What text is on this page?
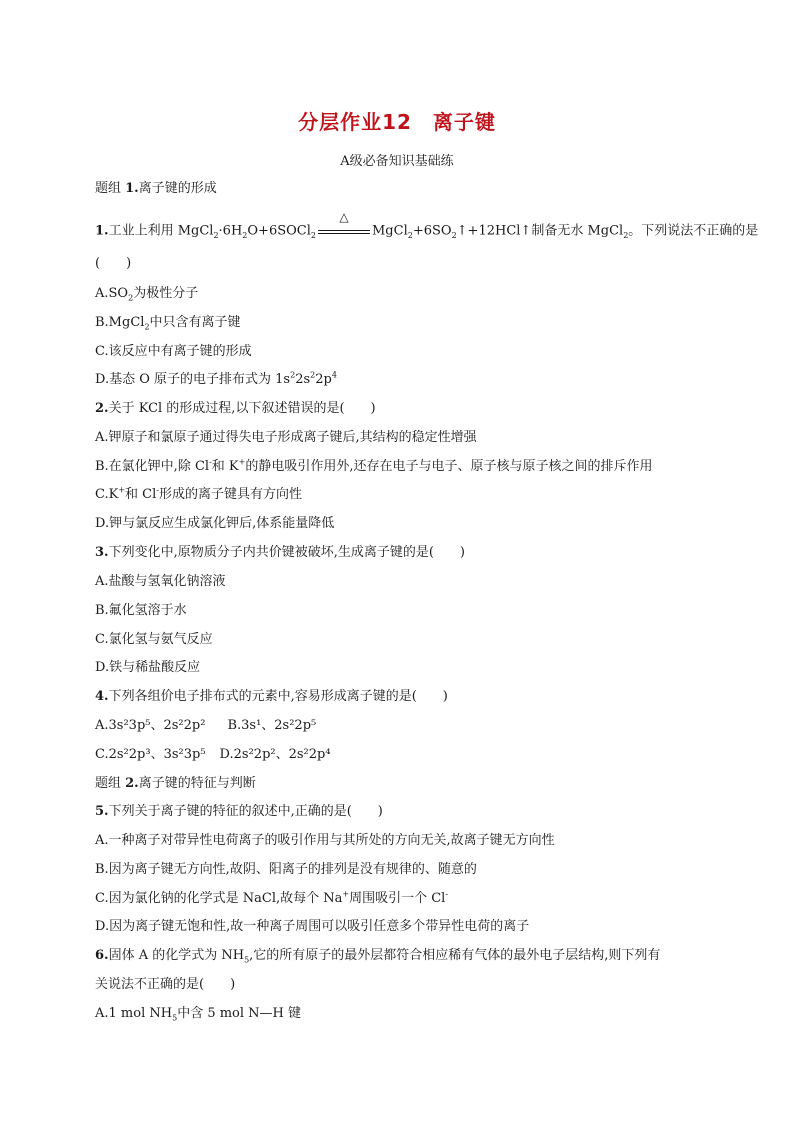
分层作业12　离子键
A级必备知识基础练
题组 1.离子键的形成
1.工业上利用 $MgCl_2\cdot 6H_2O+6SOCl_2$
△
$MgCl_2+6SO_2↑+12HCl↑$制备无水 MgCl$_2$。下列说法不正确的是
(　　)
$A.SO_2$为极性分子
B.MgCl$_2$中只含有离子键
C.该反应中有离子键的形成
D.基态 O 原子的电子排布式为 $1s^22s^22p^4$
2.关于 KCl 的形成过程,以下叙述错误的是(　　)
A.钾原子和氯原子通过得失电子形成离子键后,其结构的稳定性增强
B.在氯化钾中,除 Cl-和 K+的静电吸引作用外,还存在电子与电子、原子核与原子核之间的排斥作用
C.K+和 Cl-形成的离子键具有方向性
D.钾与氯反应生成氯化钾后,体系能量降低
3.下列变化中,原物质分子内共价键被破坏,生成离子键的是(　　)
A.盐酸与氢氧化钠溶液
B.氟化氢溶于水
C.氯化氢与氨气反应
D.铁与稀盐酸反应
4.下列各组价电子排布式的元素中,容易形成离子键的是(　　)
A.3s²3p⁵、2s²2p² B.3s¹、2s²2p⁵
C.2s²2p³、3s²3p⁵ D.2s²2p²、2s²2p⁴
题组 2.离子键的特征与判断
5.下列关于离子键的特征的叙述中,正确的是(　　)
A.一种离子对带异性电荷离子的吸引作用与其所处的方向无关,故离子键无方向性
B.因为离子键无方向性,故阴、阳离子的排列是没有规律的、随意的
C.因为氯化钠的化学式是 NaCl,故每个 Na+周围吸引一个 Cl-
D.因为离子键无饱和性,故一种离子周围可以吸引任意多个带异性电荷的离子
6.固体 A 的化学式为 $NH_5$,它的所有原子的最外层都符合相应稀有气体的最外电子层结构,则下列有
关说法不正确的是(　　)
A.1 mol $NH_5$中含 5 mol N—H 键
